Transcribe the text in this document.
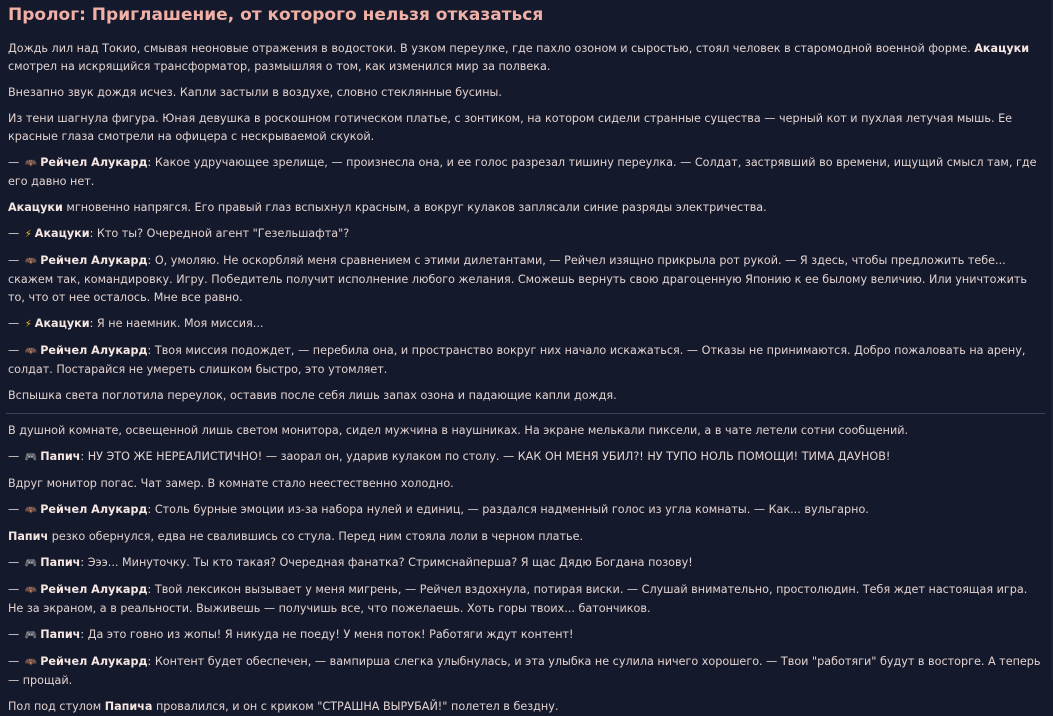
Пролог: Приглашение, от которого нельзя отказаться

Дождь лил над Токио, смывая неоновые отражения в водостоки. В узком переулке, где пахло озоном и сыростью, стоял человек в старомодной военной форме. Акацуки смотрел на искрящийся трансформатор, размышляя о том, как изменился мир за полвека.

Внезапно звук дождя исчез. Капли застыли в воздухе, словно стеклянные бусины.

Из тени шагнула фигура. Юная девушка в роскошном готическом платье, с зонтиком, на котором сидели странные существа — черный кот и пухлая летучая мышь. Ее красные глаза смотрели на офицера с нескрываемой скукой.

— 🦇 Рейчел Алукард: Какое удручающее зрелище, — произнесла она, и ее голос разрезал тишину переулка. — Солдат, застрявший во времени, ищущий смысл там, где его давно нет.

Акацуки мгновенно напрягся. Его правый глаз вспыхнул красным, а вокруг кулаков заплясали синие разряды электричества.

— ⚡ Акацуки: Кто ты? Очередной агент "Гезельшафта"?

— 🦇 Рейчел Алукард: О, умоляю. Не оскорбляй меня сравнением с этими дилетантами, — Рейчел изящно прикрыла рот рукой. — Я здесь, чтобы предложить тебе... скажем так, командировку. Игру. Победитель получит исполнение любого желания. Сможешь вернуть свою драгоценную Японию к ее былому величию. Или уничтожить то, что от нее осталось. Мне все равно.

— ⚡ Акацуки: Я не наемник. Моя миссия...

— 🦇 Рейчел Алукард: Твоя миссия подождет, — перебила она, и пространство вокруг них начало искажаться. — Отказы не принимаются. Добро пожаловать на арену, солдат. Постарайся не умереть слишком быстро, это утомляет.

Вспышка света поглотила переулок, оставив после себя лишь запах озона и падающие капли дождя.

В душной комнате, освещенной лишь светом монитора, сидел мужчина в наушниках. На экране мелькали пиксели, а в чате летели сотни сообщений.

— 🎮 Папич: НУ ЭТО ЖЕ НЕРЕАЛИСТИЧНО! — заорал он, ударив кулаком по столу. — КАК ОН МЕНЯ УБИЛ?! НУ ТУПО НОЛЬ ПОМОЩИ! ТИМА ДАУНОВ!

Вдруг монитор погас. Чат замер. В комнате стало неестественно холодно.

— 🦇 Рейчел Алукард: Столь бурные эмоции из-за набора нулей и единиц, — раздался надменный голос из угла комнаты. — Как... вульгарно.

Папич резко обернулся, едва не свалившись со стула. Перед ним стояла лоли в черном платье.

— 🎮 Папич: Эээ... Минуточку. Ты кто такая? Очередная фанатка? Стримснайперша? Я щас Дядю Богдана позову!

— 🦇 Рейчел Алукард: Твой лексикон вызывает у меня мигрень, — Рейчел вздохнула, потирая виски. — Слушай внимательно, простолюдин. Тебя ждет настоящая игра. Не за экраном, а в реальности. Выживешь — получишь все, что пожелаешь. Хоть горы твоих... батончиков.

— 🎮 Папич: Да это говно из жопы! Я никуда не поеду! У меня поток! Работяги ждут контент!

— 🦇 Рейчел Алукард: Контент будет обеспечен, — вампирша слегка улыбнулась, и эта улыбка не сулила ничего хорошего. — Твои "работяги" будут в восторге. А теперь — прощай.

Пол под стулом Папича провалился, и он с криком "СТРАШНА ВЫРУБАЙ!" полетел в бездну.
